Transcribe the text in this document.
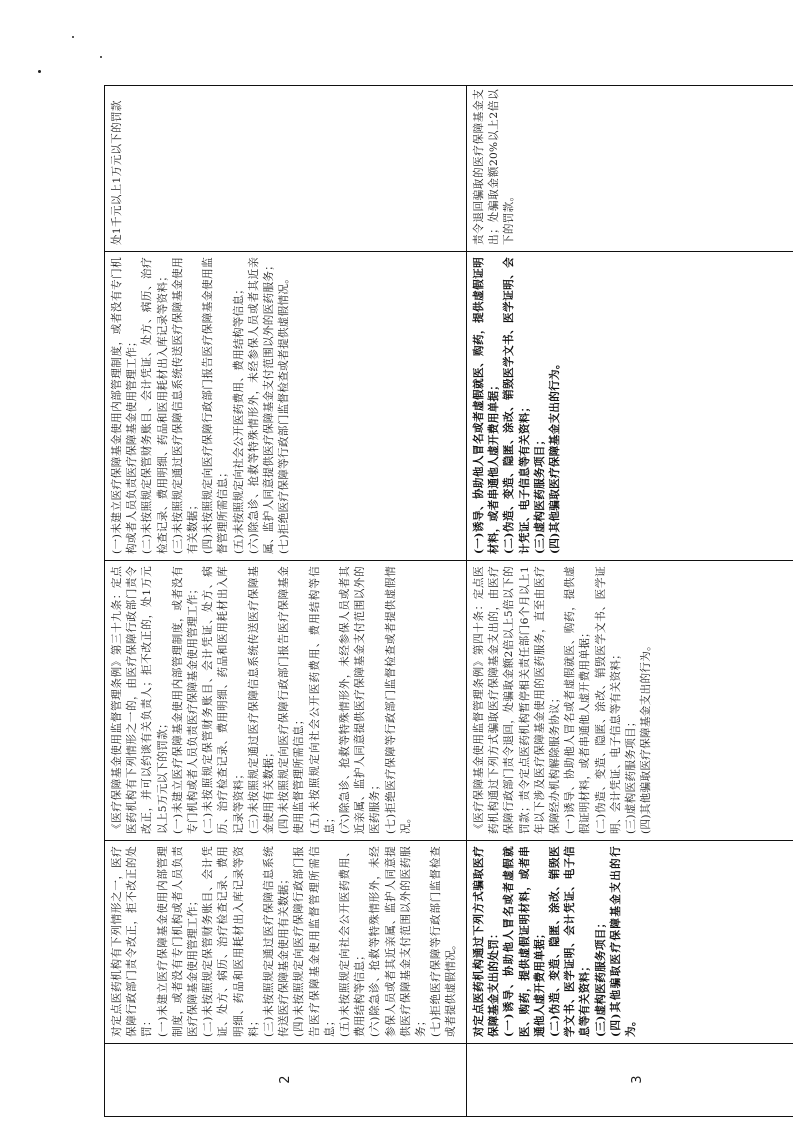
2
对定点医药机构有下列情形之一，医疗保障行政部门责令改正，拒不改正的处罚： (一)未建立医疗保障基金使用内部管理制度，或者没有专门机构或者人员负责医疗保障基金使用管理工作； (二)未按照规定保管财务账目、会计凭证、处方、病历、治疗检查记录、费用明细、药品和医用耗材出入库记录等资料； (三)未按照规定通过医疗保障信息系统传送医疗保障基金使用有关数据； (四)未按照规定向医疗保障行政部门报告医疗保障基金使用监督管理所需信息； (五)未按照规定向社会公开医药费用、费用结构等信息； (六)除急诊、抢救等特殊情形外，未经参保人员或者其近亲属、监护人同意提供医疗保障基金支付范围以外的医药服务； (七)拒绝医疗保障等行政部门监督检查或者提供虚假情况。
《医疗保障基金使用监督管理条例》第三十九条：定点医药机构有下列情形之一的，由医疗保障行政部门责令改正，并可以约谈有关负责人；拒不改正的，处1万元以上5万元以下的罚款； (一)未建立医疗保障基金使用内部管理制度，或者没有专门机构或者人员负责医疗保障基金使用管理工作； (二)未按照规定保管财务账目、会计凭证、处方、病历、治疗检查记录、费用明细、药品和医用耗材出入库记录等资料； (三)未按照规定通过医疗保障信息系统传送医疗保障基金使用有关数据； (四)未按照规定向医疗保障行政部门报告医疗保障基金使用监督管理所需信息； (五)未按照规定向社会公开医药费用、费用结构等信息； (六)除急诊、抢救等特殊情形外，未经参保人员或者其近亲属、监护人同意提供医疗保障基金支付范围以外的医药服务； (七)拒绝医疗保障等行政部门监督检查或者提供虚假情况。
(一)未建立医疗保障基金使用内部管理制度，或者没有专门机构或者人员负责医疗保障基金使用管理工作； (二)未按照规定保管财务账目、会计凭证、处方、病历、治疗检查记录、费用明细、药品和医用耗材出入库记录等资料； (三)未按照规定通过医疗保障信息系统传送医疗保障基金使用有关数据； (四)未按照规定向医疗保障行政部门报告医疗保障基金使用监督管理所需信息； (五)未按照规定向社会公开医药费用、费用结构等信息； (六)除急诊、抢救等特殊情形外，未经参保人员或者其近亲属、监护人同意提供医疗保障基金支付范围以外的医药服务； (七)拒绝医疗保障等行政部门监督检查或者提供虚假情况。
处1千元以上1万元以下的罚款
3
对定点医药机构通过下列方式骗取医疗保障基金支出的处罚： (一)诱导、协助他人冒名或者虚假就医、购药，提供虚假证明材料，或者串通他人虚开费用单据； (二)伪造、变造、隐匿、涂改、销毁医学文书、医学证明、会计凭证、电子信息等有关资料； (三)虚构医药服务项目； (四)其他骗取医疗保障基金支出的行为。
《医疗保障基金使用监督管理条例》第四十条：定点医药机构通过下列方式骗取医疗保障基金支出的，由医疗保障行政部门责令退回，处骗取金额2倍以上5倍以下的罚款；责令定点医药机构暂停相关责任部门6个月以上1年以下涉及医疗保障基金使用的医药服务，直至由医疗保障经办机构解除服务协议； (一)诱导、协助他人冒名或者虚假就医、购药，提供虚假证明材料，或者串通他人虚开费用单据； (二)伪造、变造、隐匿、涂改、销毁医学文书、医学证明、会计凭证、电子信息等有关资料； (三)虚构医药服务项目； (四)其他骗取医疗保障基金支出的行为。
(一)诱导、协助他人冒名或者虚假就医、购药，提供虚假证明材料，或者串通他人虚开费用单据； (二)伪造、变造、隐匿、涂改、销毁医学文书、医学证明、会计凭证、电子信息等有关资料； (三)虚构医药服务项目； (四)其他骗取医疗保障基金支出的行为。
责令退回骗取的医疗保障基金支出；处骗取金额20%以上2倍以下的罚款。
